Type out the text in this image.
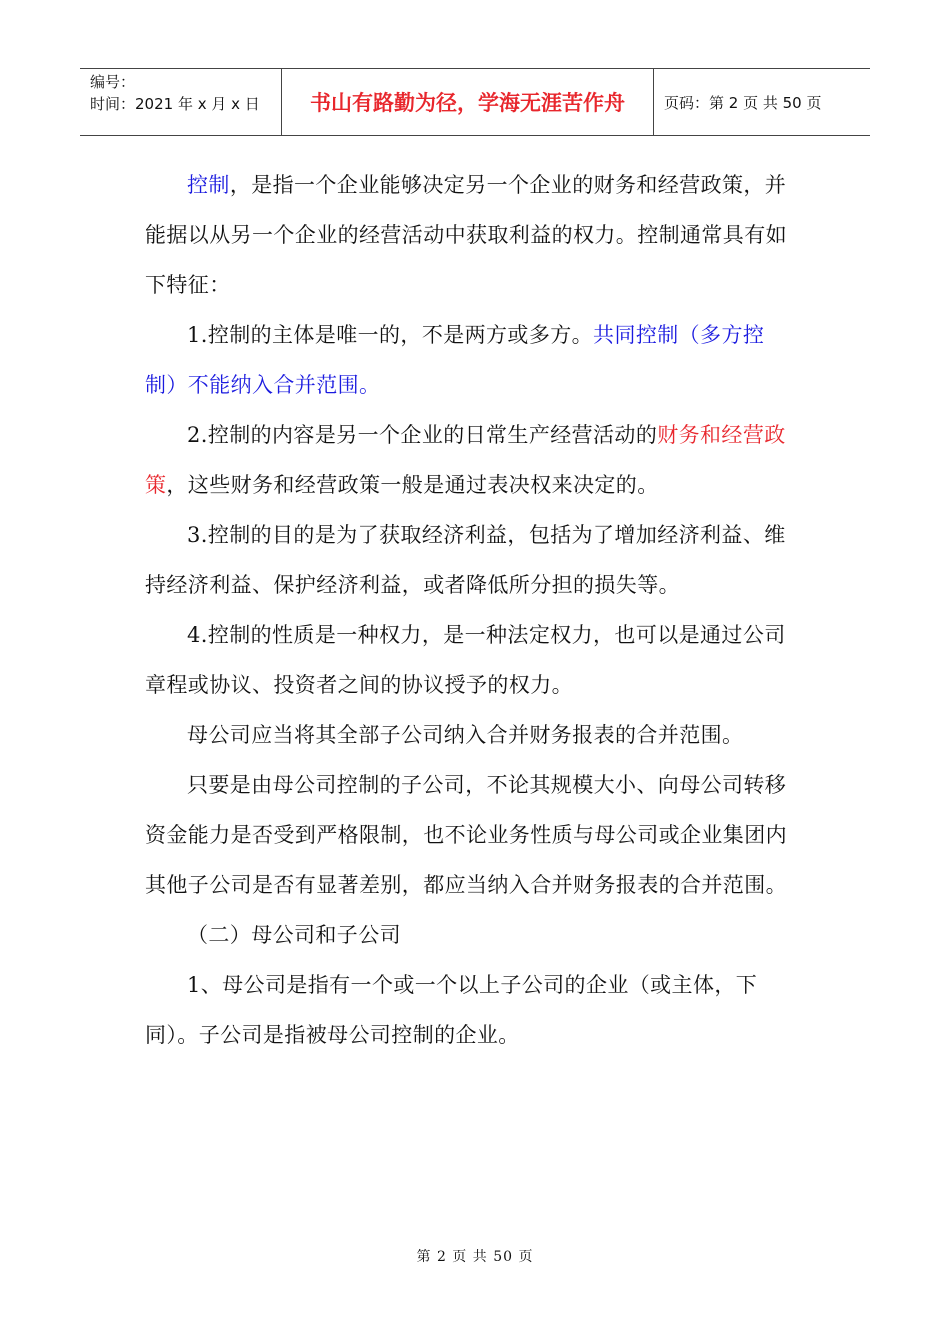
编号：
时间：2021 年 x 月 x 日	书山有路勤为径，学海无涯苦作舟	页码：第 2 页 共 50 页

控制，是指一个企业能够决定另一个企业的财务和经营政策，并能据以从另一个企业的经营活动中获取利益的权力。控制通常具有如下特征：

1.控制的主体是唯一的，不是两方或多方。共同控制（多方控制）不能纳入合并范围。

2.控制的内容是另一个企业的日常生产经营活动的财务和经营政策，这些财务和经营政策一般是通过表决权来决定的。

3.控制的目的是为了获取经济利益，包括为了增加经济利益、维持经济利益、保护经济利益，或者降低所分担的损失等。

4.控制的性质是一种权力，是一种法定权力，也可以是通过公司章程或协议、投资者之间的协议授予的权力。

母公司应当将其全部子公司纳入合并财务报表的合并范围。

只要是由母公司控制的子公司，不论其规模大小、向母公司转移资金能力是否受到严格限制，也不论业务性质与母公司或企业集团内其他子公司是否有显著差别，都应当纳入合并财务报表的合并范围。

（二）母公司和子公司

1、母公司是指有一个或一个以上子公司的企业（或主体，下同）。子公司是指被母公司控制的企业。

第 2 页 共 50 页
